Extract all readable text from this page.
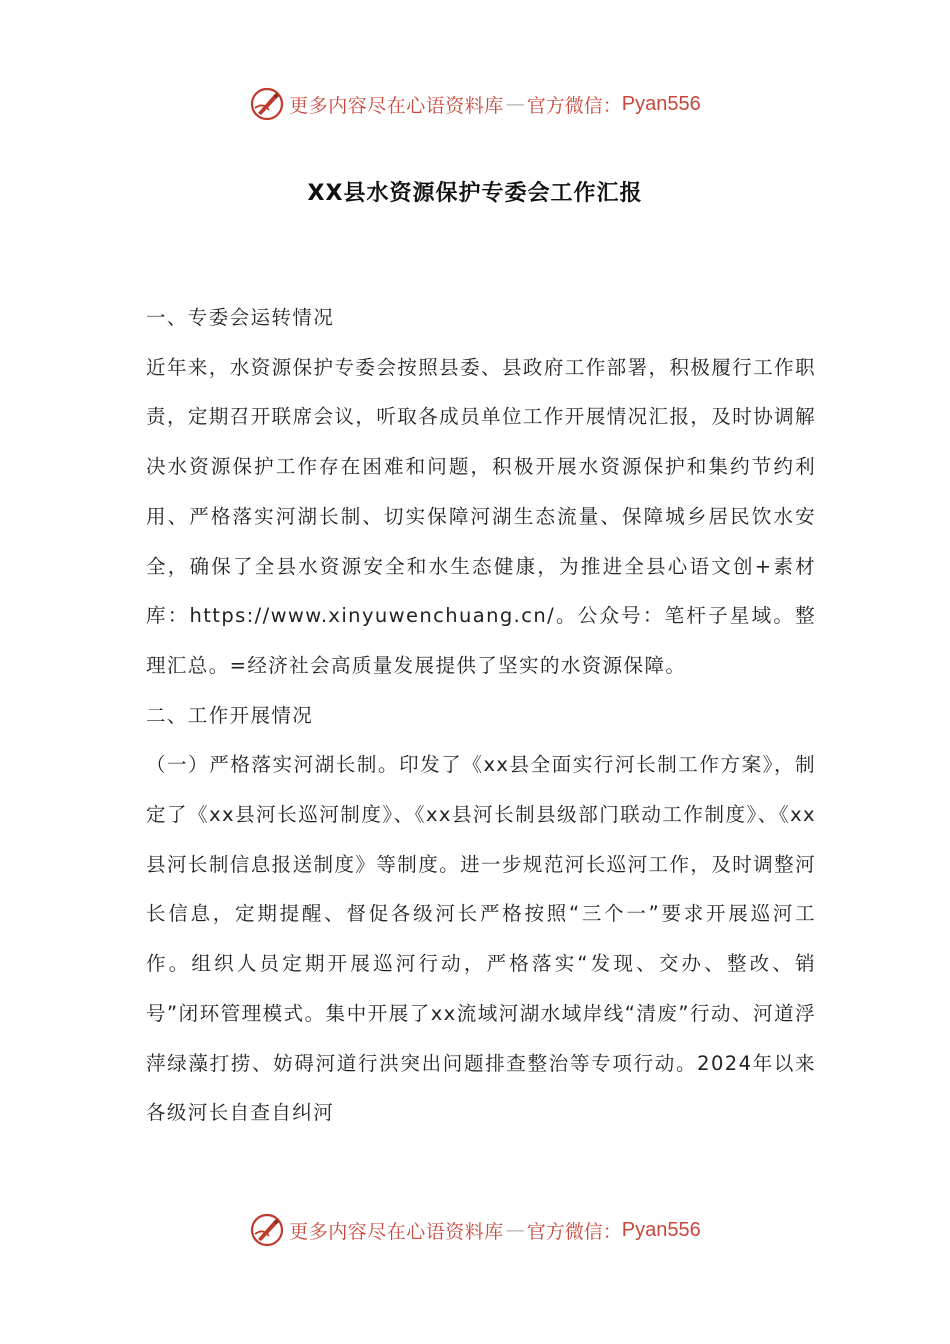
更多内容尽在心语资料库 — 官方微信： Pyan556
XX县水资源保护专委会工作汇报

一、专委会运转情况

近年来，水资源保护专委会按照县委、县政府工作部署，积极履行工作职责，定期召开联席会议，听取各成员单位工作开展情况汇报，及时协调解决水资源保护工作存在困难和问题，积极开展水资源保护和集约节约利用、严格落实河湖长制、切实保障河湖生态流量、保障城乡居民饮水安全，确保了全县水资源安全和水生态健康，为推进全县心语文创+素材库：https://www.xinyuwenchuang.cn/。公众号：笔杆子星域。整理汇总。=经济社会高质量发展提供了坚实的水资源保障。

二、工作开展情况

（一）严格落实河湖长制。印发了《xx县全面实行河长制工作方案》，制定了《xx县河长巡河制度》、《xx县河长制县级部门联动工作制度》、《xx县河长制信息报送制度》等制度。进一步规范河长巡河工作，及时调整河长信息，定期提醒、督促各级河长严格按照“三个一”要求开展巡河工作。组织人员定期开展巡河行动，严格落实“发现、交办、整改、销号”闭环管理模式。集中开展了xx流域河湖水域岸线“清废”行动、河道浮萍绿藻打捞、妨碍河道行洪突出问题排查整治等专项行动。2024年以来各级河长自查自纠河

更多内容尽在心语资料库 — 官方微信： Pyan556
